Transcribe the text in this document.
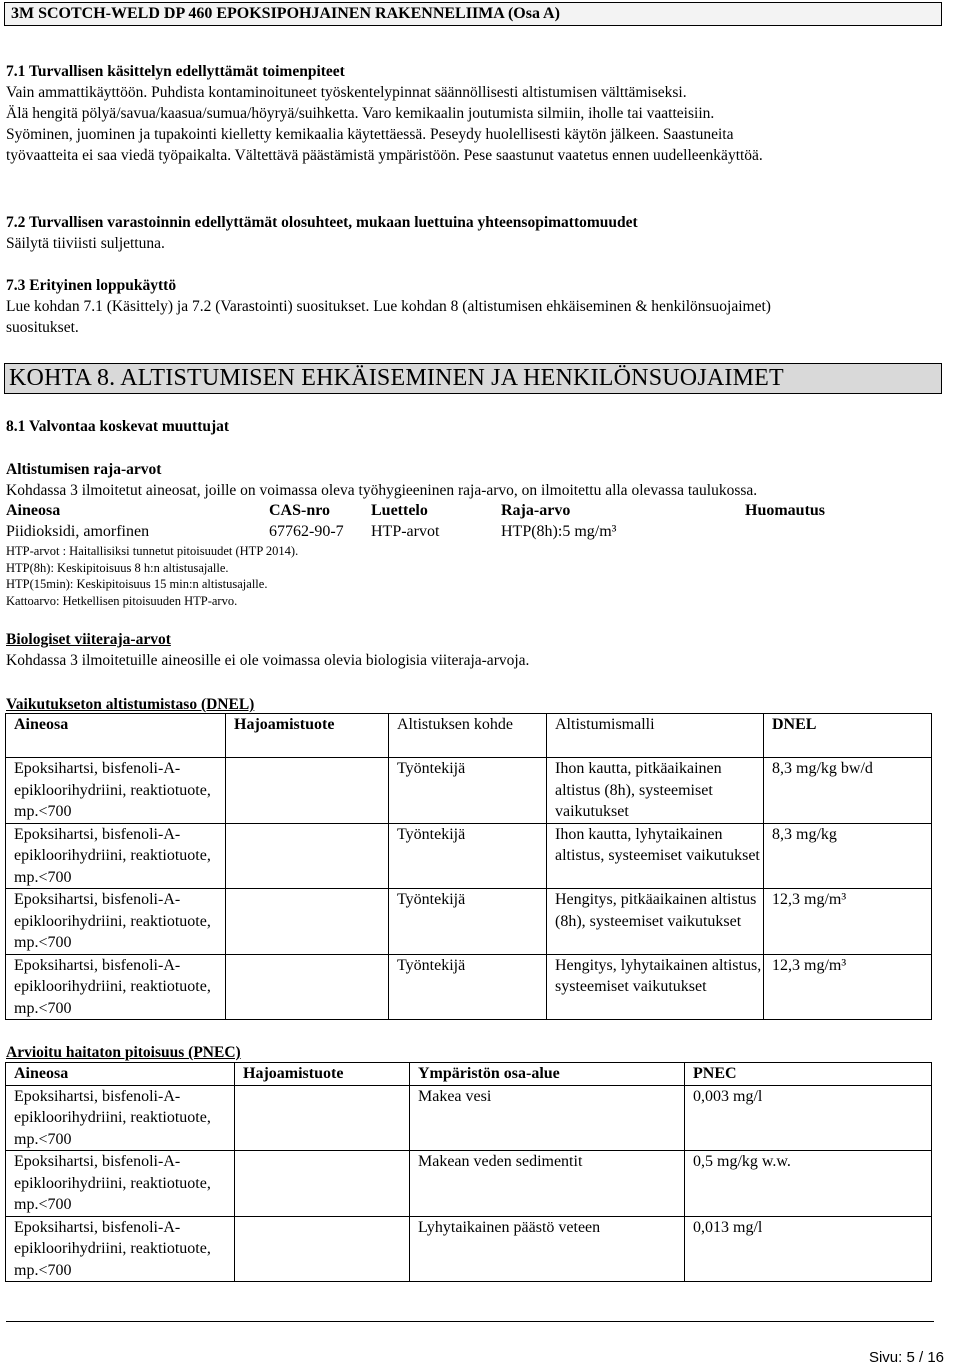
3M SCOTCH-WELD DP 460 EPOKSIPOHJAINEN RAKENNELIIMA (Osa A)
7.1 Turvallisen käsittelyn edellyttämät toimenpiteet
Vain ammattikäyttöön. Puhdista kontaminoituneet työskentelypinnat säännöllisesti altistumisen välttämiseksi.
Älä hengitä pölyä/savua/kaasua/sumua/höyryä/suihketta. Varo kemikaalin joutumista silmiin, iholle tai vaatteisiin.
Syöminen, juominen ja tupakointi kielletty kemikaalia käytettäessä. Peseydy huolellisesti käytön jälkeen. Saastuneita
työvaatteita ei saa viedä työpaikalta. Vältettävä päästämistä ympäristöön. Pese saastunut vaatetus ennen uudelleenkäyttöä.
7.2 Turvallisen varastoinnin edellyttämät olosuhteet, mukaan luettuina yhteensopimattomuudet
Säilytä tiiviisti suljettuna.
7.3 Erityinen loppukäyttö
Lue kohdan 7.1 (Käsittely) ja 7.2 (Varastointi) suositukset. Lue kohdan 8 (altistumisen ehkäiseminen & henkilönsuojaimet)
suositukset.
KOHTA 8. ALTISTUMISEN EHKÄISEMINEN JA HENKILÖNSUOJAIMET
8.1 Valvontaa koskevat muuttujat
Altistumisen raja-arvot
Kohdassa 3 ilmoitetut aineosat, joille on voimassa oleva työhygieeninen raja-arvo, on ilmoitettu alla olevassa taulukossa.
Aineosa	CAS-nro	Luettelo	Raja-arvo	Huomautus
Piidioksidi, amorfinen	67762-90-7	HTP-arvot	HTP(8h):5 mg/m³	
HTP-arvot : Haitallisiksi tunnetut pitoisuudet (HTP 2014).
HTP(8h): Keskipitoisuus 8 h:n altistusajalle.
HTP(15min): Keskipitoisuus 15 min:n altistusajalle.
Kattoarvo: Hetkellisen pitoisuuden HTP-arvo.
Biologiset viiteraja-arvot
Kohdassa 3 ilmoitetuille aineosille ei ole voimassa olevia biologisia viiteraja-arvoja.
Vaikutukseton altistumistaso (DNEL)
Aineosa	Hajoamistuote	Altistuksen kohde	Altistumismalli	DNEL
Epoksihartsi, bisfenoli-A-epikloorihydriini, reaktiotuote, mp.<700		Työntekijä	Ihon kautta, pitkäaikainen altistus (8h), systeemiset vaikutukset	8,3 mg/kg bw/d
Epoksihartsi, bisfenoli-A-epikloorihydriini, reaktiotuote, mp.<700		Työntekijä	Ihon kautta, lyhytaikainen altistus, systeemiset vaikutukset	8,3 mg/kg
Epoksihartsi, bisfenoli-A-epikloorihydriini, reaktiotuote, mp.<700		Työntekijä	Hengitys, pitkäaikainen altistus (8h), systeemiset vaikutukset	12,3 mg/m³
Epoksihartsi, bisfenoli-A-epikloorihydriini, reaktiotuote, mp.<700		Työntekijä	Hengitys, lyhytaikainen altistus, systeemiset vaikutukset	12,3 mg/m³
Arvioitu haitaton pitoisuus (PNEC)
Aineosa	Hajoamistuote	Ympäristön osa-alue	PNEC
Epoksihartsi, bisfenoli-A-epikloorihydriini, reaktiotuote, mp.<700		Makea vesi	0,003 mg/l
Epoksihartsi, bisfenoli-A-epikloorihydriini, reaktiotuote, mp.<700		Makean veden sedimentit	0,5 mg/kg w.w.
Epoksihartsi, bisfenoli-A-epikloorihydriini, reaktiotuote, mp.<700		Lyhytaikainen päästö veteen	0,013 mg/l
Sivu: 5 / 16
